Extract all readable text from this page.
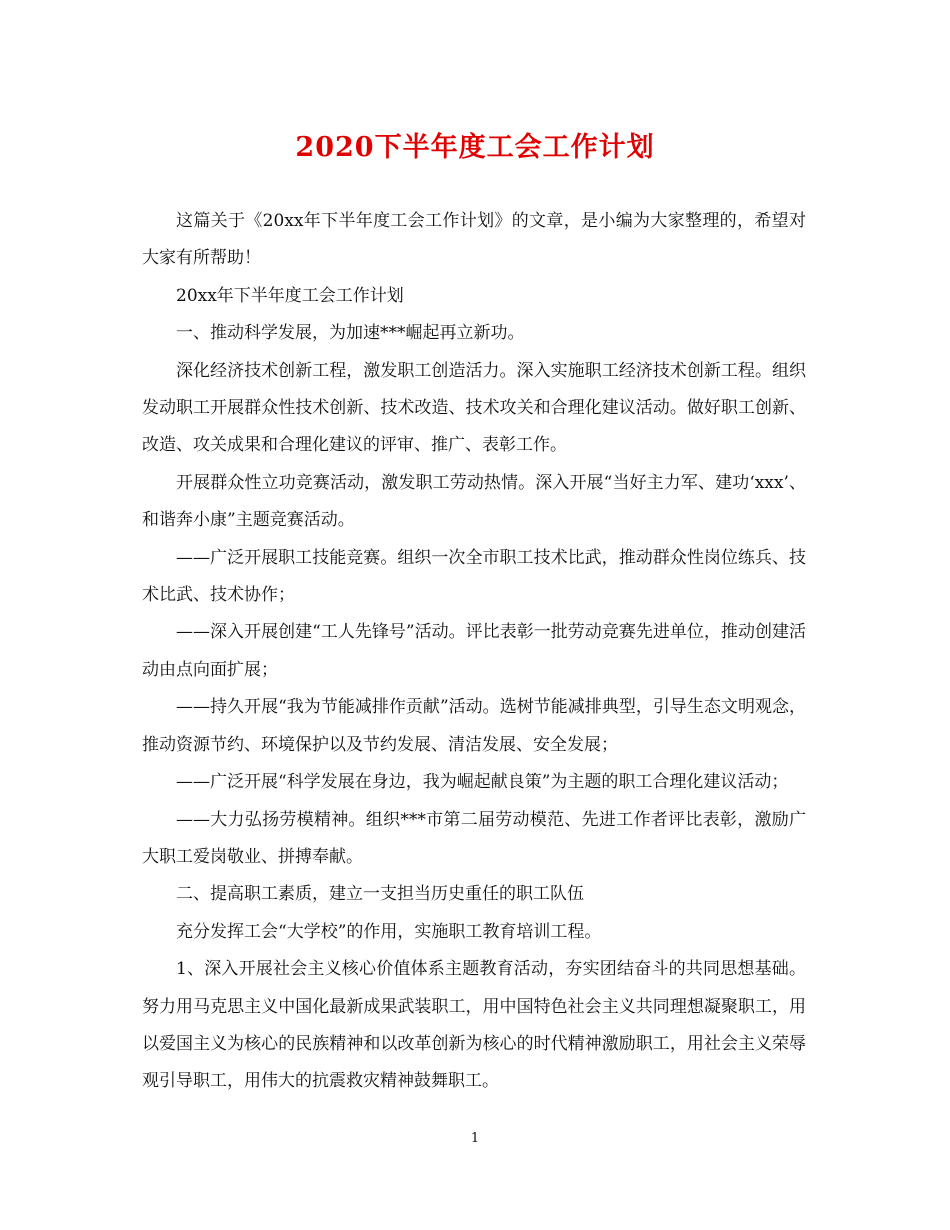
2020下半年度工会工作计划

这篇关于《20xx年下半年度工会工作计划》的文章，是小编为大家整理的，希望对大家有所帮助！

20xx年下半年度工会工作计划

一、推动科学发展，为加速***崛起再立新功。

深化经济技术创新工程，激发职工创造活力。深入实施职工经济技术创新工程。组织发动职工开展群众性技术创新、技术改造、技术攻关和合理化建议活动。做好职工创新、改造、攻关成果和合理化建议的评审、推广、表彰工作。

开展群众性立功竞赛活动，激发职工劳动热情。深入开展“当好主力军、建功‘xxx’、和谐奔小康”主题竞赛活动。

——广泛开展职工技能竞赛。组织一次全市职工技术比武，推动群众性岗位练兵、技术比武、技术协作；

——深入开展创建“工人先锋号”活动。评比表彰一批劳动竞赛先进单位，推动创建活动由点向面扩展；

——持久开展“我为节能减排作贡献”活动。选树节能减排典型，引导生态文明观念，推动资源节约、环境保护以及节约发展、清洁发展、安全发展；

——广泛开展“科学发展在身边，我为崛起献良策”为主题的职工合理化建议活动；

——大力弘扬劳模精神。组织***市第二届劳动模范、先进工作者评比表彰，激励广大职工爱岗敬业、拼搏奉献。

二、提高职工素质，建立一支担当历史重任的职工队伍

充分发挥工会“大学校”的作用，实施职工教育培训工程。

1、深入开展社会主义核心价值体系主题教育活动，夯实团结奋斗的共同思想基础。努力用马克思主义中国化最新成果武装职工，用中国特色社会主义共同理想凝聚职工，用以爱国主义为核心的民族精神和以改革创新为核心的时代精神激励职工，用社会主义荣辱观引导职工，用伟大的抗震救灾精神鼓舞职工。

1
